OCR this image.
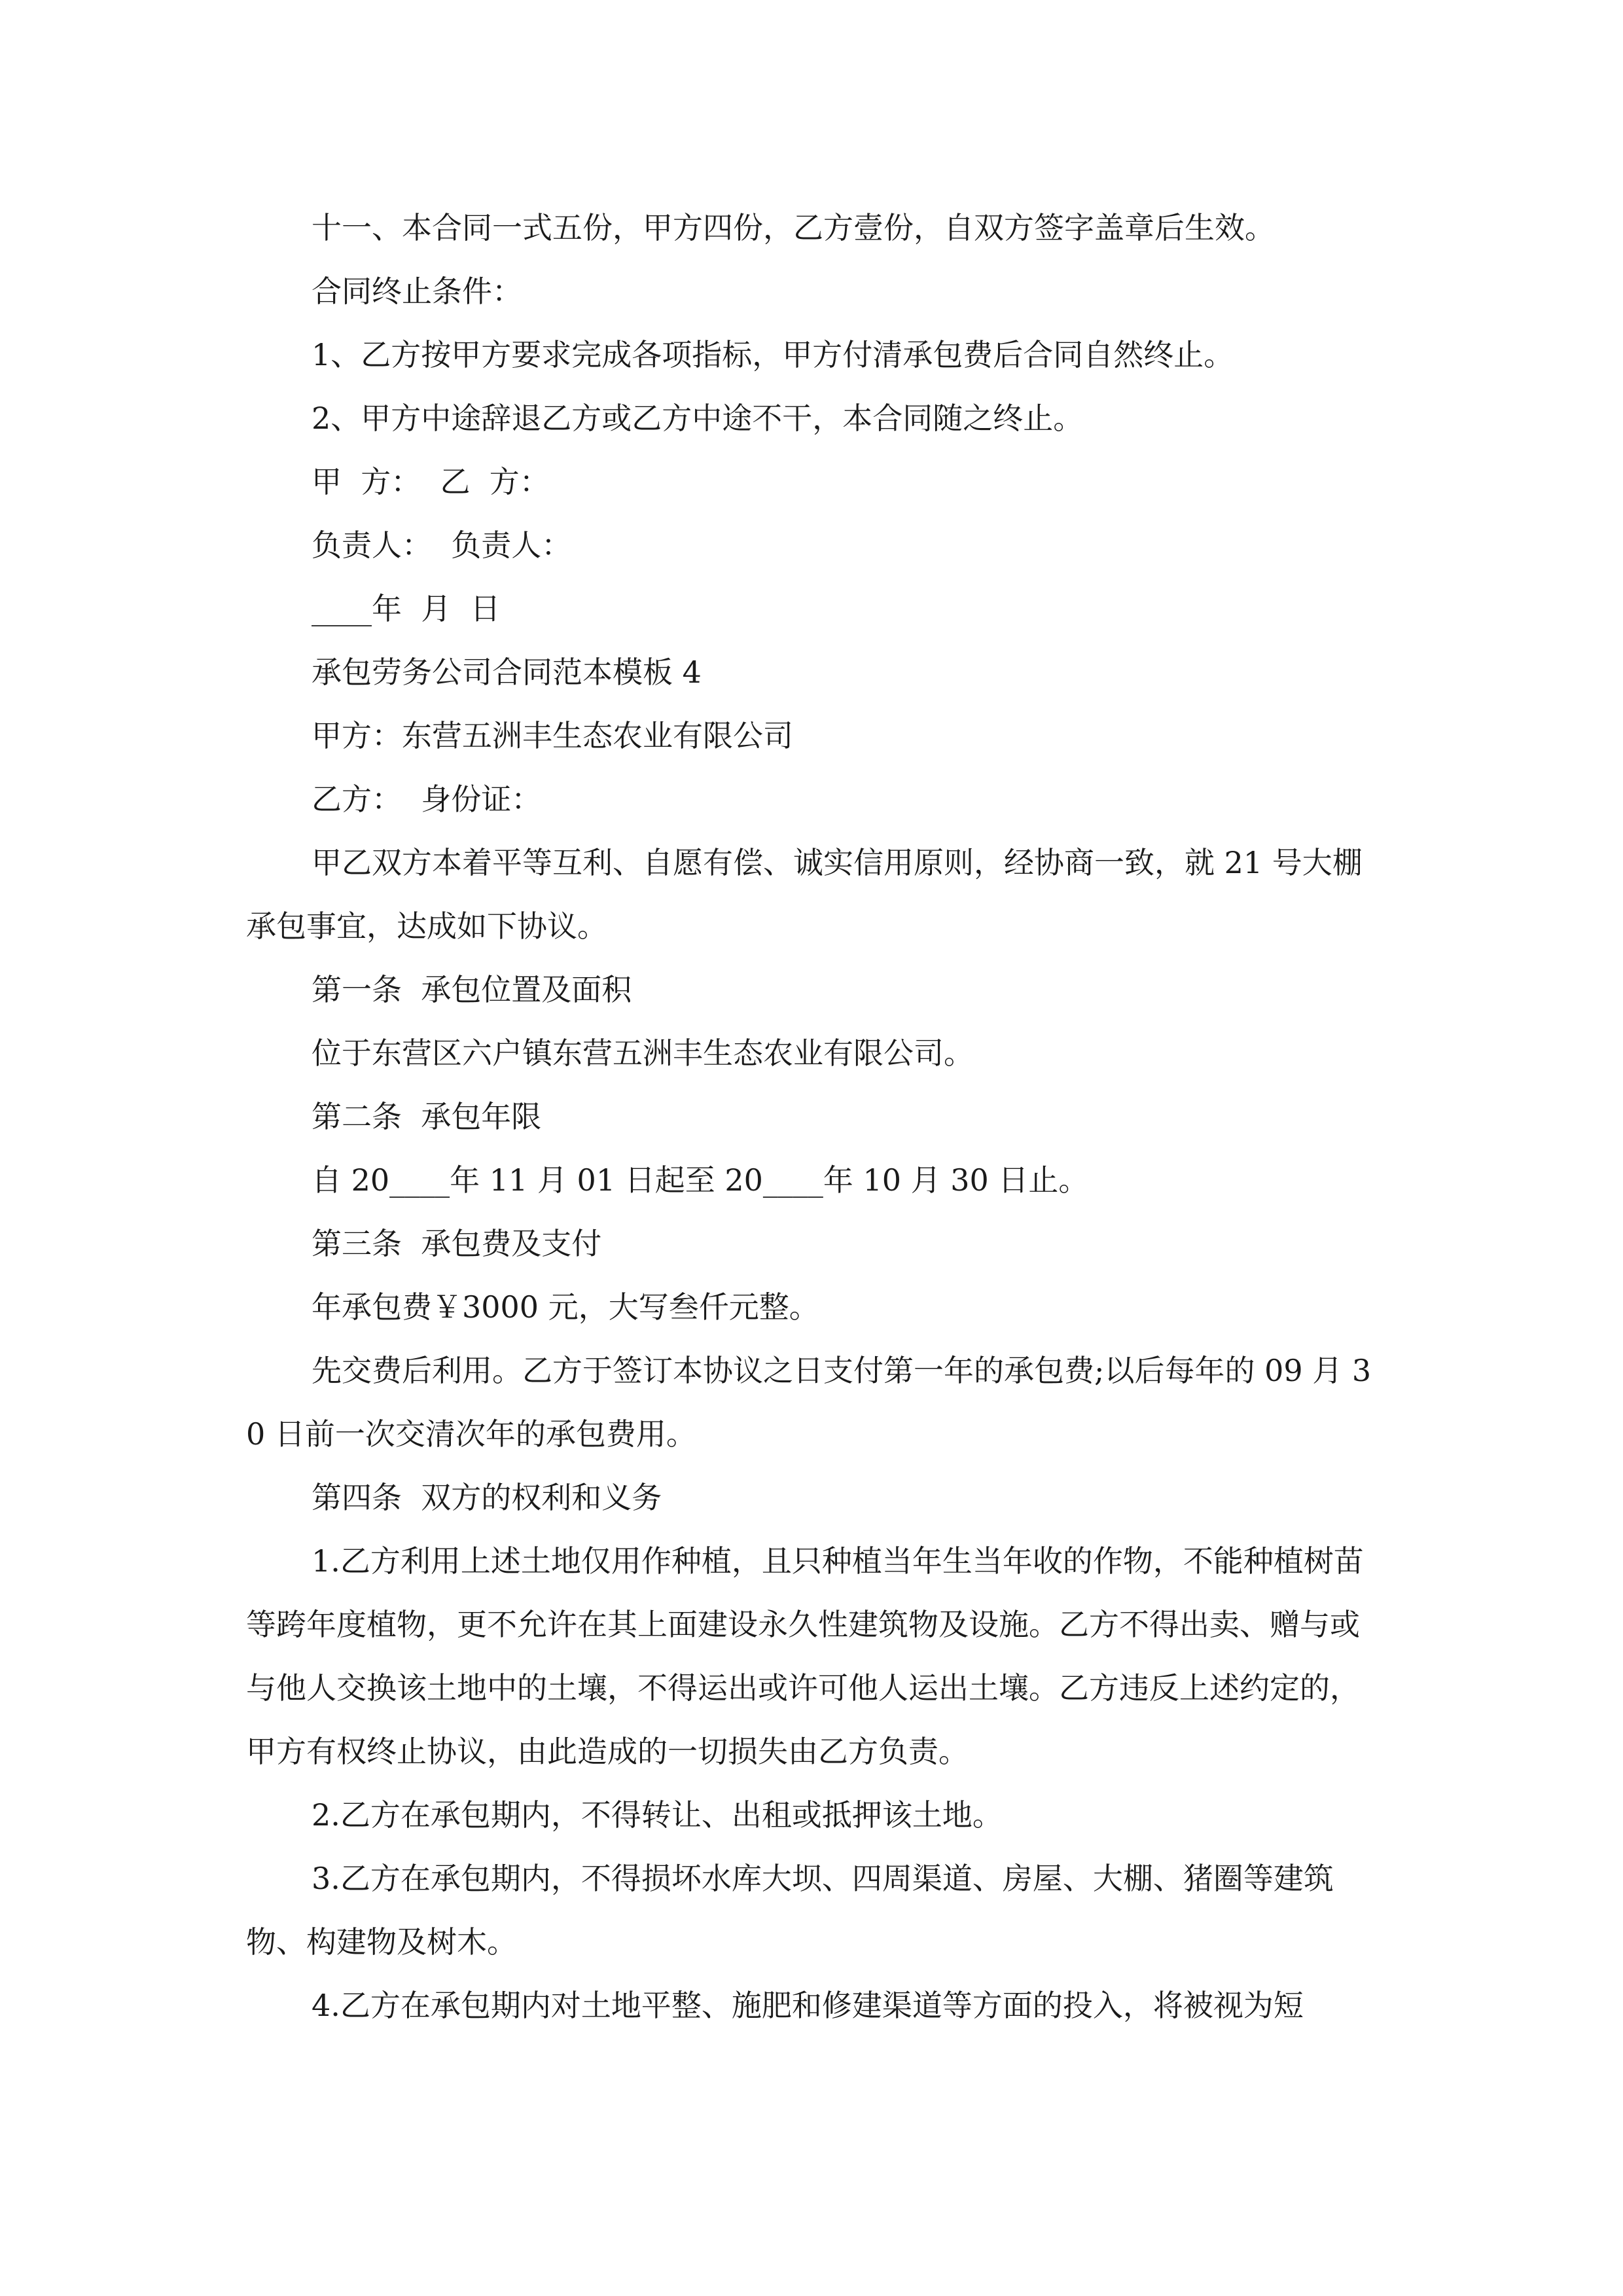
十一、本合同一式五份，甲方四份，乙方壹份，自双方签字盖章后生效。

合同终止条件：

1、乙方按甲方要求完成各项指标，甲方付清承包费后合同自然终止。

2、甲方中途辞退乙方或乙方中途不干，本合同随之终止。

甲  方：  乙  方：

负责人：  负责人：

____年  月  日

承包劳务公司合同范本模板 4

甲方：东营五洲丰生态农业有限公司

乙方：  身份证：

甲乙双方本着平等互利、自愿有偿、诚实信用原则，经协商一致，就 21 号大棚承包事宜，达成如下协议。

第一条  承包位置及面积

位于东营区六户镇东营五洲丰生态农业有限公司。

第二条  承包年限

自 20____年 11 月 01 日起至 20____年 10 月 30 日止。

第三条  承包费及支付

年承包费￥3000 元，大写叁仟元整。

先交费后利用。乙方于签订本协议之日支付第一年的承包费;以后每年的 09 月 30 日前一次交清次年的承包费用。

第四条  双方的权利和义务

1.乙方利用上述土地仅用作种植，且只种植当年生当年收的作物，不能种植树苗等跨年度植物，更不允许在其上面建设永久性建筑物及设施。乙方不得出卖、赠与或与他人交换该土地中的土壤，不得运出或许可他人运出土壤。乙方违反上述约定的，甲方有权终止协议，由此造成的一切损失由乙方负责。

2.乙方在承包期内，不得转让、出租或抵押该土地。

3.乙方在承包期内，不得损坏水库大坝、四周渠道、房屋、大棚、猪圈等建筑物、构建物及树木。

4.乙方在承包期内对土地平整、施肥和修建渠道等方面的投入，将被视为短
